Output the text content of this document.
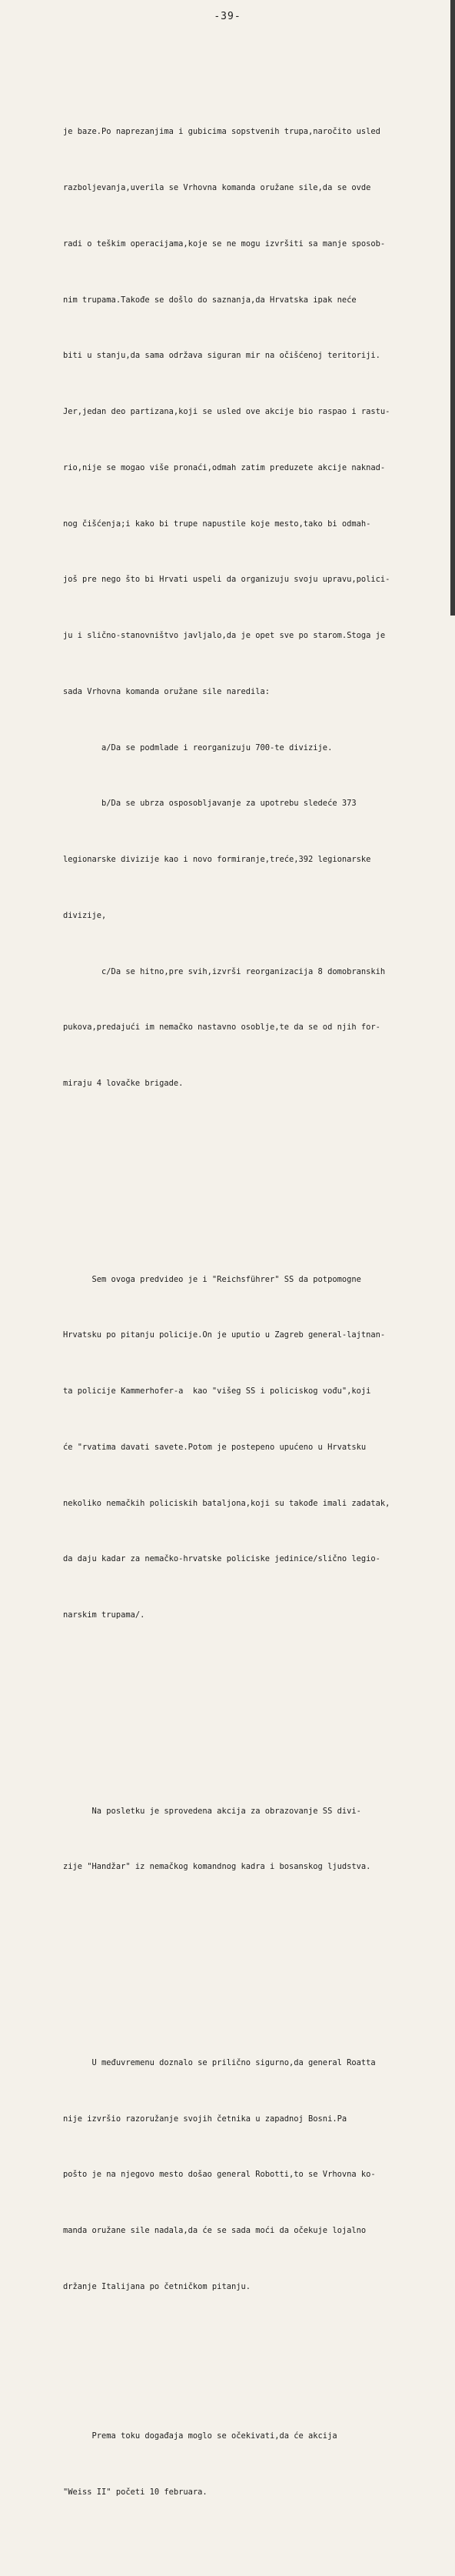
-39-

je baze.Po naprezanjima i gubicima sopstvenih trupa,naročito usled

razboljevanja,uverila se Vrhovna komanda oružane sile,da se ovde

radi o teškim operacijama,koje se ne mogu izvršiti sa manje sposob-

nim trupama.Takođe se došlo do saznanja,da Hrvatska ipak neće

biti u stanju,da sama održava siguran mir na očišćenoj teritoriji.

Jer,jedan deo partizana,koji se usled ove akcije bio raspao i rastu-

rio,nije se mogao više pronaći,odmah zatim preduzete akcije naknad-

nog čišćenja;i kako bi trupe napustile koje mesto,tako bi odmah-

još pre nego što bi Hrvati uspeli da organizuju svoju upravu,polici-

ju i slično-stanovništvo javljalo,da je opet sve po starom.Stoga je

sada Vrhovna komanda oružane sile naredila:

a/Da se podmlade i reorganizuju 700-te divizije.

b/Da se ubrza osposobljavanje za upotrebu sledeće 373

legionarske divizije kao i novo formiranje,treće,392 legionarske

divizije,

c/Da se hitno,pre svih,izvrši reorganizacija 8 domobranskih

pukova,predajući im nemačko nastavno osoblje,te da se od njih for-

miraju 4 lovačke brigade.

Sem ovoga predvideo je i "Reichsführer" SS da potpomogne

Hrvatsku po pitanju policije.On je uputio u Zagreb general-lajtnan-

ta policije Kammerhofer-a  kao "višeg SS i policiskog vođu",koji

će "rvatima davati savete.Potom je postepeno upućeno u Hrvatsku

nekoliko nemačkih policiskih bataljona,koji su takođe imali zadatak,

da daju kadar za nemačko-hrvatske policiske jedinice/slično legio-

narskim trupama/.

Na posletku je sprovedena akcija za obrazovanje SS divi-

zije "Handžar" iz nemačkog komandnog kadra i bosanskog ljudstva.

U međuvremenu doznalo se prilično sigurno,da general Roatta

nije izvršio razoružanje svojih četnika u zapadnoj Bosni.Pa

pošto je na njegovo mesto došao general Robotti,to se Vrhovna ko-

manda oružane sile nadala,da će se sada moći da očekuje lojalno

držanje Italijana po četničkom pitanju.

Prema toku događaja moglo se očekivati,da će akcija

"Weiss II" početi 10 februara.
